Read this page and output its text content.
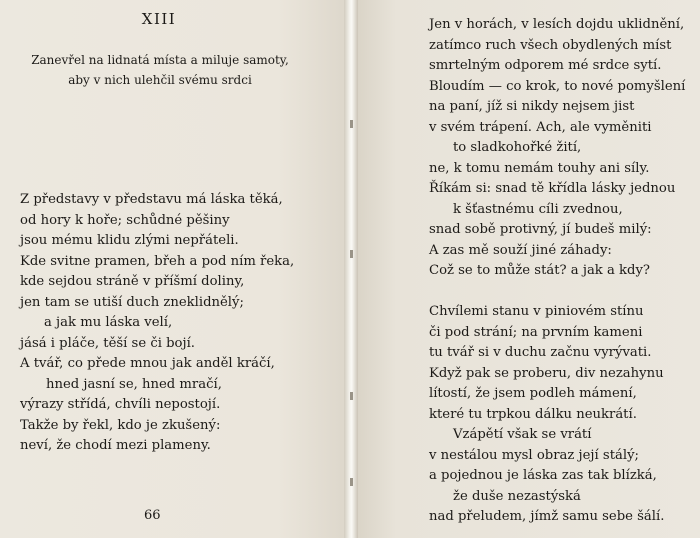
XIII
Zanevřel na lidnatá místa a miluje samoty,
aby v nich ulehčil svému srdci
Z představy v představu má láska těká,
od hory k hoře; schůdné pěšiny
jsou mému klidu zlými nepřáteli.
Kde svitne pramen, břeh a pod ním řeka,
kde sejdou stráně v příšmí doliny,
jen tam se utiší duch zneklidnělý;
a jak mu láska velí,
jásá i pláče, těší se či bojí.
A tvář, co přede mnou jak anděl kráčí,
hned jasní se, hned mračí,
výrazy střídá, chvíli nepostojí.
Takže by řekl, kdo je zkušený:
neví, že chodí mezi plameny.
Jen v horách, v lesích dojdu uklidnění,
zatímco ruch všech obydlených míst
smrtelným odporem mé srdce sytí.
Bloudím — co krok, to nové pomyšlení
na paní, jíž si nikdy nejsem jist
v svém trápení. Ach, ale vyměniti
to sladkohořké žití,
ne, k tomu nemám touhy ani síly.
Říkám si: snad tě křídla lásky jednou
k šťastnému cíli zvednou,
snad sobě protivný, jí budeš milý:
A zas mě souží jiné záhady:
Což se to může stát? a jak a kdy?
Chvílemi stanu v piniovém stínu
či pod strání; na prvním kameni
tu tvář si v duchu začnu vyrývati.
Když pak se proberu, div nezahynu
lítostí, že jsem podleh mámení,
které tu trpkou dálku neukrátí.
Vzápětí však se vrátí
v nestálou mysl obraz její stálý;
a pojednou je láska zas tak blízká,
že duše nezastýská
nad přeludem, jímž samu sebe šálí.
66
